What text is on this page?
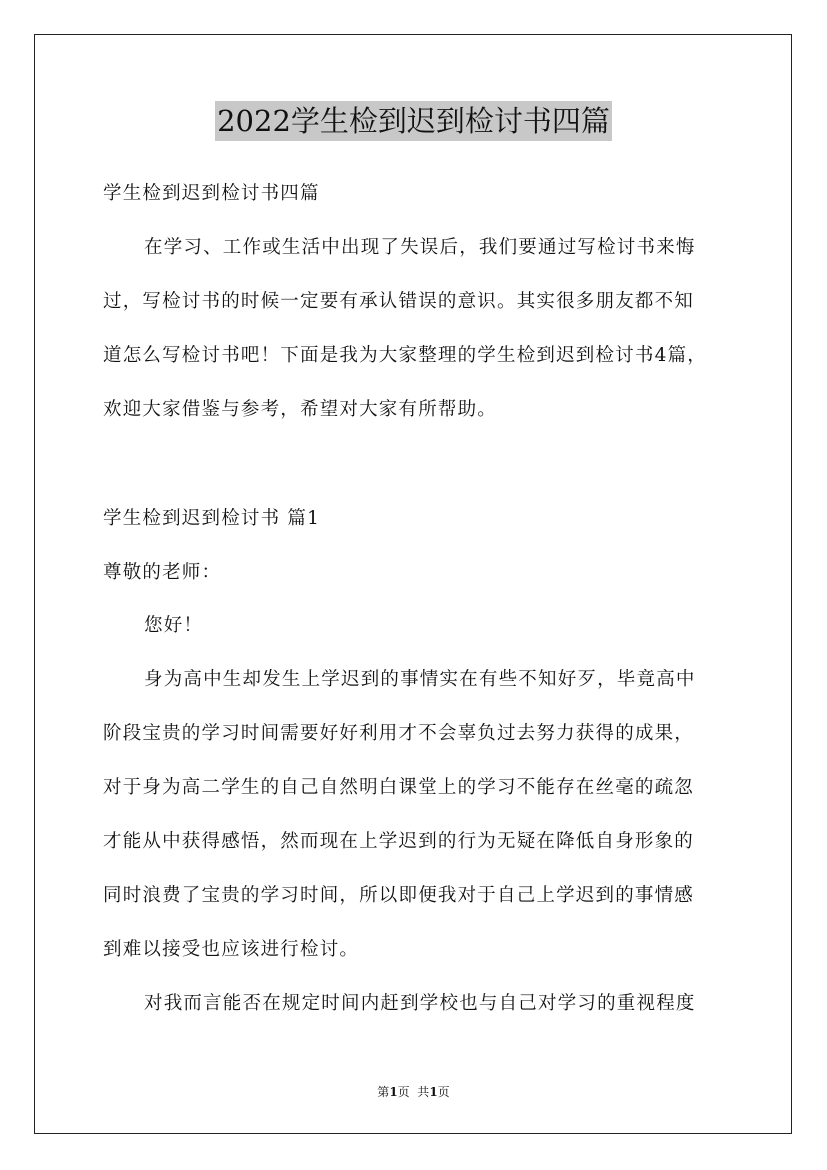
2022学生检到迟到检讨书四篇
学生检到迟到检讨书四篇
在学习、工作或生活中出现了失误后，我们要通过写检讨书来悔
过，写检讨书的时候一定要有承认错误的意识。其实很多朋友都不知
道怎么写检讨书吧！下面是我为大家整理的学生检到迟到检讨书4篇，
欢迎大家借鉴与参考，希望对大家有所帮助。
学生检到迟到检讨书 篇1
尊敬的老师：
您好！
身为高中生却发生上学迟到的事情实在有些不知好歹，毕竟高中
阶段宝贵的学习时间需要好好利用才不会辜负过去努力获得的成果，
对于身为高二学生的自己自然明白课堂上的学习不能存在丝毫的疏忽
才能从中获得感悟，然而现在上学迟到的行为无疑在降低自身形象的
同时浪费了宝贵的学习时间，所以即便我对于自己上学迟到的事情感
到难以接受也应该进行检讨。
对我而言能否在规定时间内赶到学校也与自己对学习的重视程度
第1页  共1页
